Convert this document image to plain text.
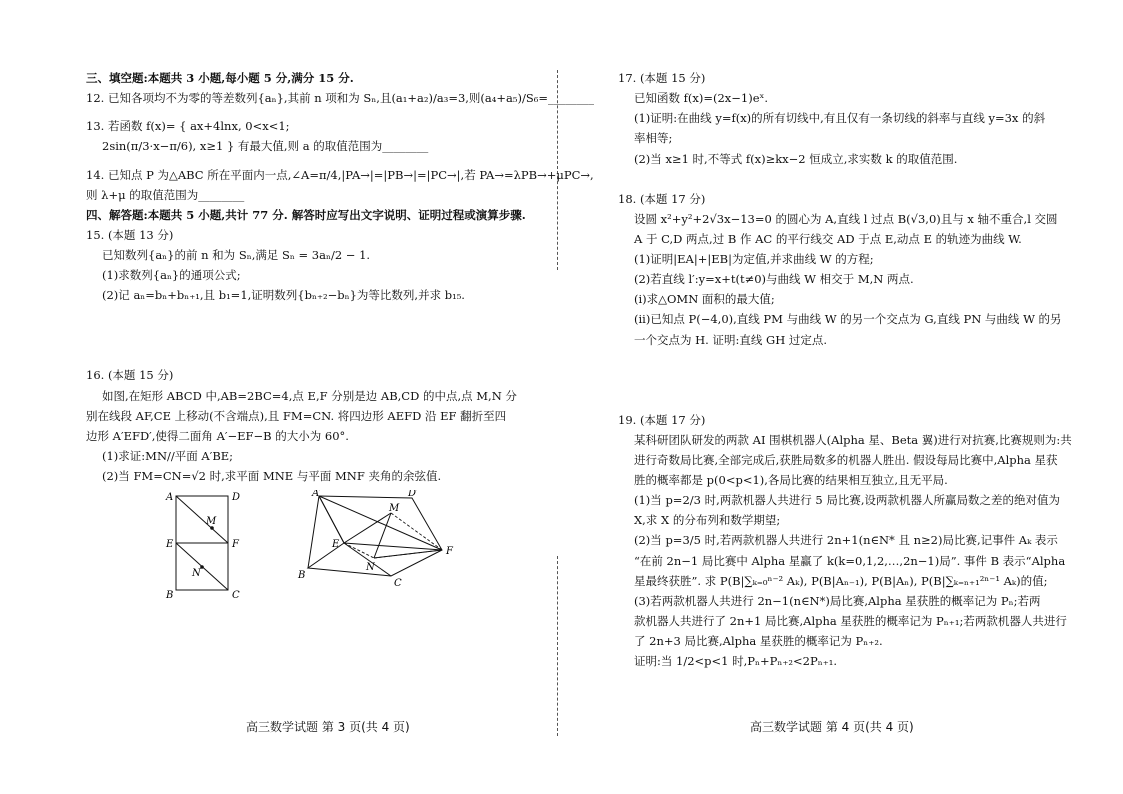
三、填空题:本题共 3 小题,每小题 5 分,满分 15 分.

12. 已知各项均不为零的等差数列{aₙ},其前 n 项和为 Sₙ,且(a₁+a₂)/a₃=3,则(a₄+a₅)/S₆=________

13. 若函数 f(x)= { ax+4lnx, 0<x<1;

2sin(π/3·x−π/6), x≥1 } 有最大值,则 a 的取值范围为________

14. 已知点 P 为△ABC 所在平面内一点,∠A=π/4,|PA→|=|PB→|=|PC→|,若 PA→=λPB→+μPC→,

则 λ+μ 的取值范围为________

四、解答题:本题共 5 小题,共计 77 分. 解答时应写出文字说明、证明过程或演算步骤.

15. (本题 13 分)

已知数列{aₙ}的前 n 和为 Sₙ,满足 Sₙ = 3aₙ/2 − 1.

(1)求数列{aₙ}的通项公式;

(2)记 aₙ=bₙ+bₙ₊₁,且 b₁=1,证明数列{bₙ₊₂−bₙ}为等比数列,并求 b₁₅.

16. (本题 15 分)

如图,在矩形 ABCD 中,AB=2BC=4,点 E,F 分别是边 AB,CD 的中点,点 M,N 分

别在线段 AF,CE 上移动(不含端点),且 FM=CN. 将四边形 AEFD 沿 EF 翻折至四

边形 A′EFD′,使得二面角 A′−EF−B 的大小为 60°.

(1)求证:MN//平面 A′BE;

(2)当 FM=CN=√2 时,求平面 MNE 与平面 MNF 夹角的余弦值.

A	D
E	F
B	C
M
N
A′	D′
E
F
B
C
M
N

17. (本题 15 分)

已知函数 f(x)=(2x−1)eˣ.

(1)证明:在曲线 y=f(x)的所有切线中,有且仅有一条切线的斜率与直线 y=3x 的斜

率相等;

(2)当 x≥1 时,不等式 f(x)≥kx−2 恒成立,求实数 k 的取值范围.

18. (本题 17 分)

设圆 x²+y²+2√3x−13=0 的圆心为 A,直线 l 过点 B(√3,0)且与 x 轴不重合,l 交圆

A 于 C,D 两点,过 B 作 AC 的平行线交 AD 于点 E,动点 E 的轨迹为曲线 W.

(1)证明|EA|+|EB|为定值,并求曲线 W 的方程;

(2)若直线 l′:y=x+t(t≠0)与曲线 W 相交于 M,N 两点.

(i)求△OMN 面积的最大值;

(ii)已知点 P(−4,0),直线 PM 与曲线 W 的另一个交点为 G,直线 PN 与曲线 W 的另

一个交点为 H. 证明:直线 GH 过定点.

19. (本题 17 分)

某科研团队研发的两款 AI 围棋机器人(Alpha 星、Beta 翼)进行对抗赛,比赛规则为:共

进行奇数局比赛,全部完成后,获胜局数多的机器人胜出. 假设每局比赛中,Alpha 星获

胜的概率都是 p(0<p<1),各局比赛的结果相互独立,且无平局.

(1)当 p=2/3 时,两款机器人共进行 5 局比赛,设两款机器人所赢局数之差的绝对值为

X,求 X 的分布列和数学期望;

(2)当 p=3/5 时,若两款机器人共进行 2n+1(n∈N* 且 n≥2)局比赛,记事件 Aₖ 表示

“在前 2n−1 局比赛中 Alpha 星赢了 k(k=0,1,2,…,2n−1)局”. 事件 B 表示“Alpha

星最终获胜”. 求 P(B|∑ₖ₌₀ⁿ⁻² Aₖ), P(B|Aₙ₋₁), P(B|Aₙ), P(B|∑ₖ₌ₙ₊₁²ⁿ⁻¹ Aₖ)的值;

(3)若两款机器人共进行 2n−1(n∈N*)局比赛,Alpha 星获胜的概率记为 Pₙ;若两

款机器人共进行了 2n+1 局比赛,Alpha 星获胜的概率记为 Pₙ₊₁;若两款机器人共进行

了 2n+3 局比赛,Alpha 星获胜的概率记为 Pₙ₊₂.

证明:当 1/2<p<1 时,Pₙ+Pₙ₊₂<2Pₙ₊₁.

高三数学试题 第 3 页(共 4 页)	高三数学试题 第 4 页(共 4 页)
